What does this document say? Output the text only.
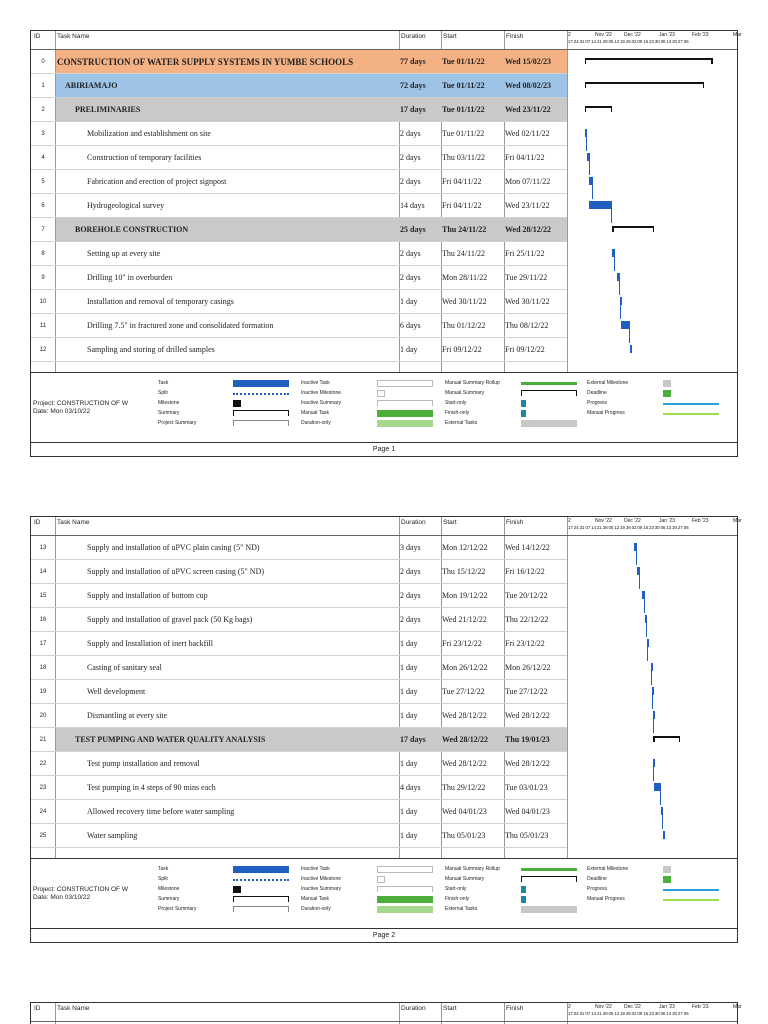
ID	Task Name	Duration	Start	Finish	2	Nov '22 Dec '22	Jan '23	Feb '23	Mar
17 24 31 07 14 21 28 05 12 19 26 02 09 16 23 30 06 13 20 27 06
0	CONSTRUCTION OF WATER SUPPLY SYSTEMS IN YUMBE SCHOOLS	77 days	Tue 01/11/22	Wed 15/02/23
1	ABIRIAMAJO	72 days	Tue 01/11/22	Wed 08/02/23
2	PRELIMINARIES	17 days	Tue 01/11/22	Wed 23/11/22
3	Mobilization and establishment on site	2 days	Tue 01/11/22	Wed 02/11/22
4	Construction of temporary facilities	2 days	Thu 03/11/22	Fri 04/11/22
5	Fabrication and erection of project signpost	2 days	Fri 04/11/22	Mon 07/11/22
6	Hydrogeological survey	14 days	Fri 04/11/22	Wed 23/11/22
7	BOREHOLE CONSTRUCTION	25 days	Thu 24/11/22	Wed 28/12/22
8	Setting up at every site	2 days	Thu 24/11/22	Fri 25/11/22
9	Drilling 10" in overburden	2 days	Mon 28/11/22	Tue 29/11/22
10	Installation and removal of temporary casings	1 day	Wed 30/11/22	Wed 30/11/22
11	Drilling 7.5" in fractured zone and consolidated formation	6 days	Thu 01/12/22	Thu 08/12/22
12	Sampling and storing of drilled samples	1 day	Fri 09/12/22	Fri 09/12/22
Project: CONSTRUCTION OF W
Date: Mon 03/10/22
Task
Split
Milestone
Summary
Project Summary
Inactive Task
Inactive Milestone
Inactive Summary
Manual Task
Duration-only
Manual Summary Rollup
Manual Summary
Start-only
Finish-only
External Tasks
External Milestone
Deadline
Progress
Manual Progress
Page 1
ID	Task Name	Duration	Start	Finish	2	Nov '22 Dec '22	Jan '23	Feb '23	Mar
17 24 31 07 14 21 28 05 12 19 26 02 09 16 23 30 06 13 20 27 06
13	Supply and installation of uPVC plain casing (5" ND)	3 days	Mon 12/12/22	Wed 14/12/22
14	Supply and installation of uPVC screen casing (5" ND)	2 days	Thu 15/12/22	Fri 16/12/22
15	Supply and installation of bottom cup	2 days	Mon 19/12/22	Tue 20/12/22
16	Supply and installation of gravel pack (50 Kg bags)	2 days	Wed 21/12/22	Thu 22/12/22
17	Supply and Installation of inert backfill	1 day	Fri 23/12/22	Fri 23/12/22
18	Casting of sanitary seal	1 day	Mon 26/12/22	Mon 26/12/22
19	Well development	1 day	Tue 27/12/22	Tue 27/12/22
20	Dismantling at every site	1 day	Wed 28/12/22	Wed 28/12/22
21	TEST PUMPING AND WATER QUALITY ANALYSIS	17 days	Wed 28/12/22	Thu 19/01/23
22	Test pump installation and removal	1 day	Wed 28/12/22	Wed 28/12/22
23	Test pumping in 4 steps of 90 mins each	4 days	Thu 29/12/22	Tue 03/01/23
24	Allowed recovery time before water sampling	1 day	Wed 04/01/23	Wed 04/01/23
25	Water sampling	1 day	Thu 05/01/23	Thu 05/01/23
Project: CONSTRUCTION OF W
Date: Mon 03/10/22
Task
Split
Milestone
Summary
Project Summary
Inactive Task
Inactive Milestone
Inactive Summary
Manual Task
Duration-only
Manual Summary Rollup
Manual Summary
Start-only
Finish-only
External Tasks
External Milestone
Deadline
Progress
Manual Progress
Page 2
ID	Task Name	Duration	Start	Finish	2	Nov '22 Dec '22	Jan '23	Feb '23	Mar
17 24 31 07 14 21 28 05 12 19 26 02 09 16 23 30 06 13 20 27 06
